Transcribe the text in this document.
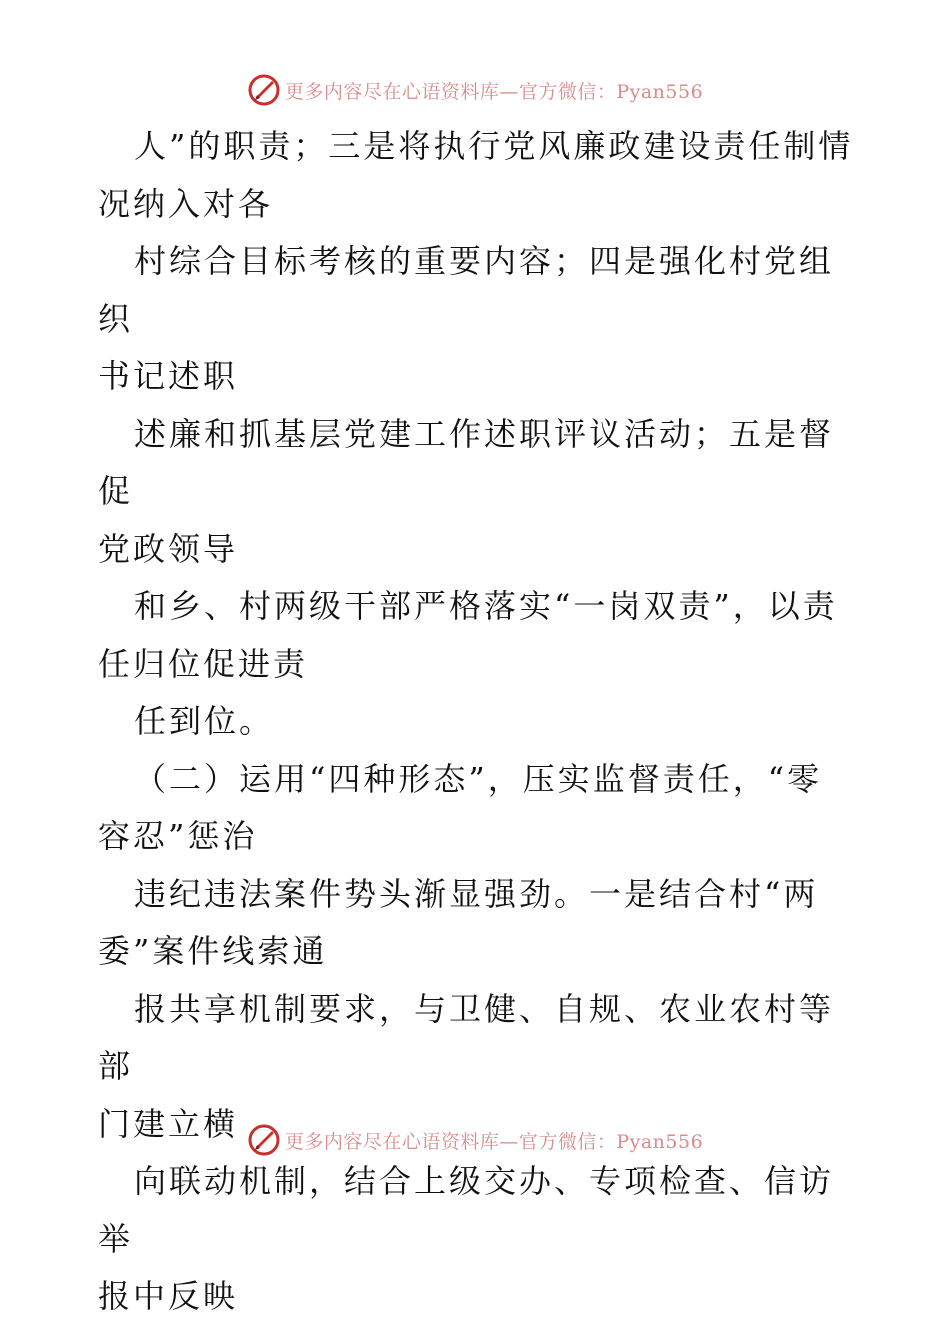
更多内容尽在心语资料库—官方微信：Pyan556

人”的职责；三是将执行党风廉政建设责任制情
况纳入对各

村综合目标考核的重要内容；四是强化村党组织
书记述职

述廉和抓基层党建工作述职评议活动；五是督促
党政领导

和乡、村两级干部严格落实“一岗双责”，以责
任归位促进责

任到位。

（二）运用“四种形态”，压实监督责任，“零
容忍”惩治

违纪违法案件势头渐显强劲。一是结合村“两
委”案件线索通

报共享机制要求，与卫健、自规、农业农村等部
门建立横

向联动机制，结合上级交办、专项检查、信访举
报中反映

更多内容尽在心语资料库—官方微信：Pyan556
